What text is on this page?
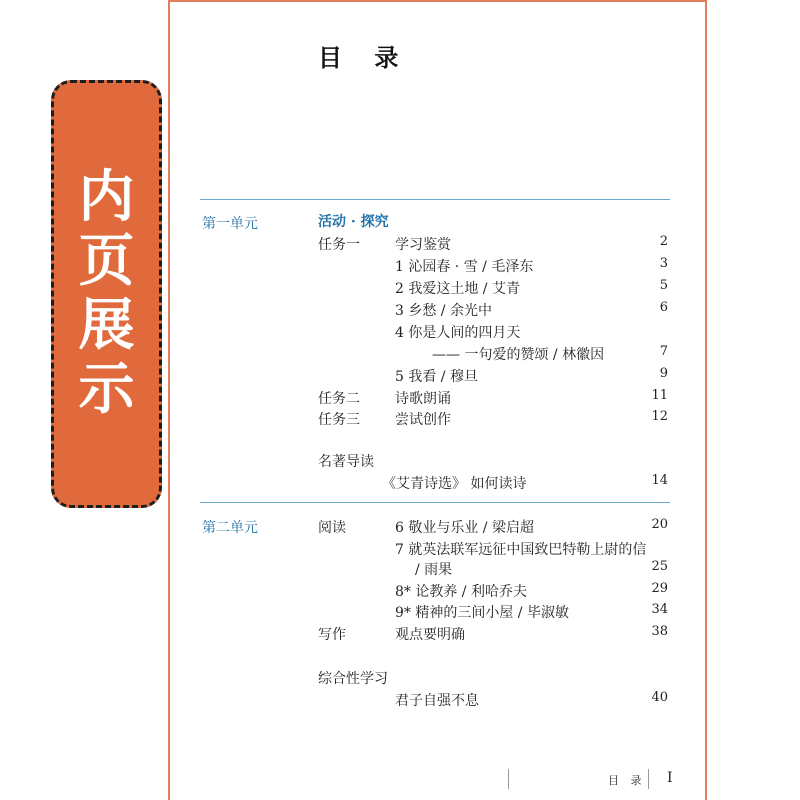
内
页
展
示
目 录
第一单元	活动 · 探究
任务一	学习鉴赏	2
1 沁园春 · 雪 / 毛泽东	3
2 我爱这土地 / 艾青	5
3 乡愁 / 余光中	6
4 你是人间的四月天
—— 一句爱的赞颂 / 林徽因	7
5 我看 / 穆旦	9
任务二	诗歌朗诵	11
任务三	尝试创作	12
名著导读
《艾青诗选》 如何读诗	14
第二单元	阅读	6 敬业与乐业 / 梁启超	20
7 就英法联军远征中国致巴特勒上尉的信
/ 雨果	25
8* 论教养 / 利哈乔夫	29
9* 精神的三间小屋 / 毕淑敏	34
写作	观点要明确	38
综合性学习
君子自强不息	40
目 录 I
